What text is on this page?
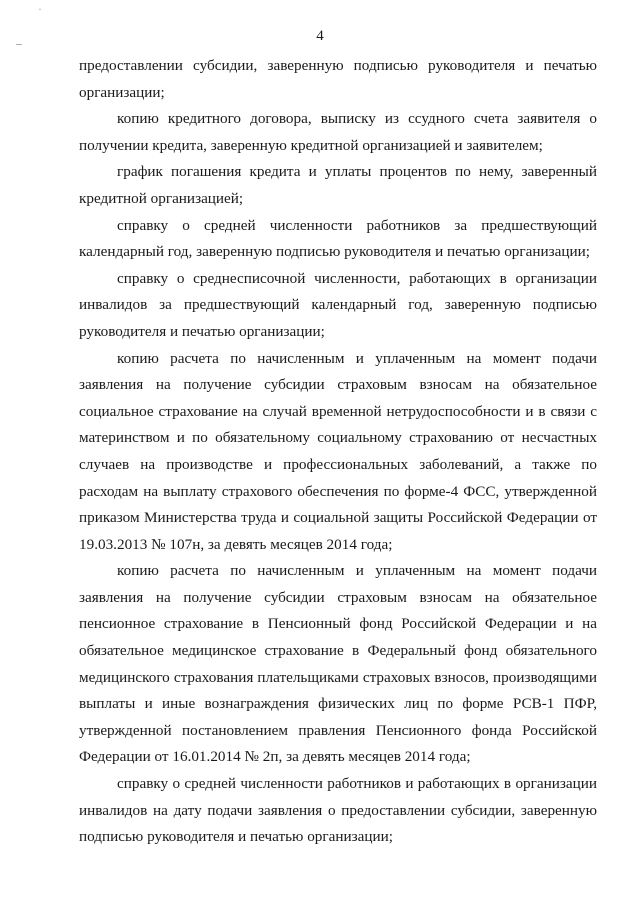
·
4

предоставлении субсидии, заверенную подписью руководителя и печатью организации;

копию кредитного договора, выписку из ссудного счета заявителя о получении кредита, заверенную кредитной организацией и заявителем;

график погашения кредита и уплаты процентов по нему, заверенный кредитной организацией;

справку о средней численности работников за предшествующий календарный год, заверенную подписью руководителя и печатью организации;

справку о среднесписочной численности, работающих в организации инвалидов за предшествующий календарный год, заверенную подписью руководителя и печатью организации;

копию расчета по начисленным и уплаченным на момент подачи заявления на получение субсидии страховым взносам на обязательное социальное страхование на случай временной нетрудоспособности и в связи с материнством и по обязательному социальному страхованию от несчастных случаев на производстве и профессиональных заболеваний, а также по расходам на выплату страхового обеспечения по форме-4 ФСС, утвержденной приказом Министерства труда и социальной защиты Российской Федерации от 19.03.2013 № 107н, за девять месяцев 2014 года;

копию расчета по начисленным и уплаченным на момент подачи заявления на получение субсидии страховым взносам на обязательное пенсионное страхование в Пенсионный фонд Российской Федерации и на обязательное медицинское страхование в Федеральный фонд обязательного медицинского страхования плательщиками страховых взносов, производящими выплаты и иные вознаграждения физических лиц по форме РСВ-1 ПФР, утвержденной постановлением правления Пенсионного фонда Российской Федерации от 16.01.2014 № 2п, за девять месяцев 2014 года;

справку о средней численности работников и работающих в организации инвалидов на дату подачи заявления о предоставлении субсидии, заверенную подписью руководителя и печатью организации;
